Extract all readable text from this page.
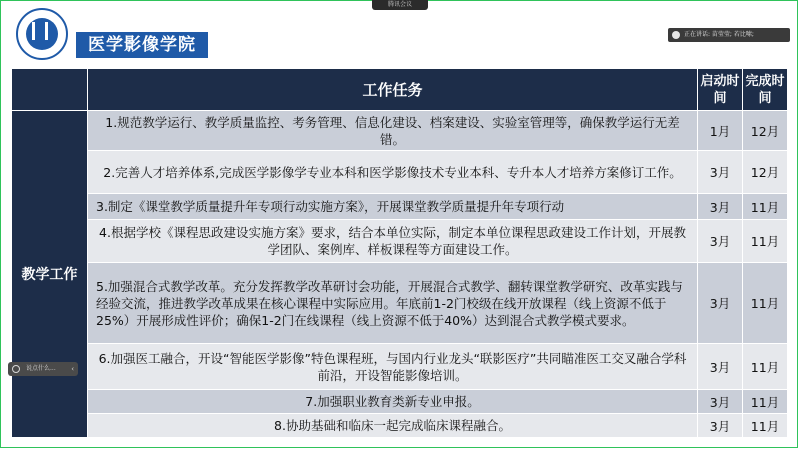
腾讯会议
正在讲话: 苗莹莹; 若比嗦;
医学影像学院
	工作任务	启动时间	完成时间
教学工作	1.规范教学运行、教学质量监控、考务管理、信息化建设、档案建设、实验室管理等，确保教学运行无差错。	1月	12月
	2.完善人才培养体系,完成医学影像学专业本科和医学影像技术专业本科、专升本人才培养方案修订工作。	3月	12月
	3.制定《课堂教学质量提升年专项行动实施方案》，开展课堂教学质量提升年专项行动	3月	11月
	4.根据学校《课程思政建设实施方案》要求，结合本单位实际，制定本单位课程思政建设工作计划，开展教学团队、案例库、样板课程等方面建设工作。	3月	11月
	5.加强混合式教学改革。充分发挥教学改革研讨会功能，开展混合式教学、翻转课堂教学研究、改革实践与经验交流，推进教学改革成果在核心课程中实际应用。年底前1-2门校级在线开放课程（线上资源不低于25%）开展形成性评价；确保1-2门在线课程（线上资源不低于40%）达到混合式教学模式要求。	3月	11月
	6.加强医工融合，开设“智能医学影像”特色课程班，与国内行业龙头“联影医疗”共同瞄准医工交叉融合学科前沿，开设智能影像培训。	3月	11月
	7.加强职业教育类新专业申报。	3月	11月
	8.协助基础和临床一起完成临床课程融合。	3月	11月
说点什么... ‹
